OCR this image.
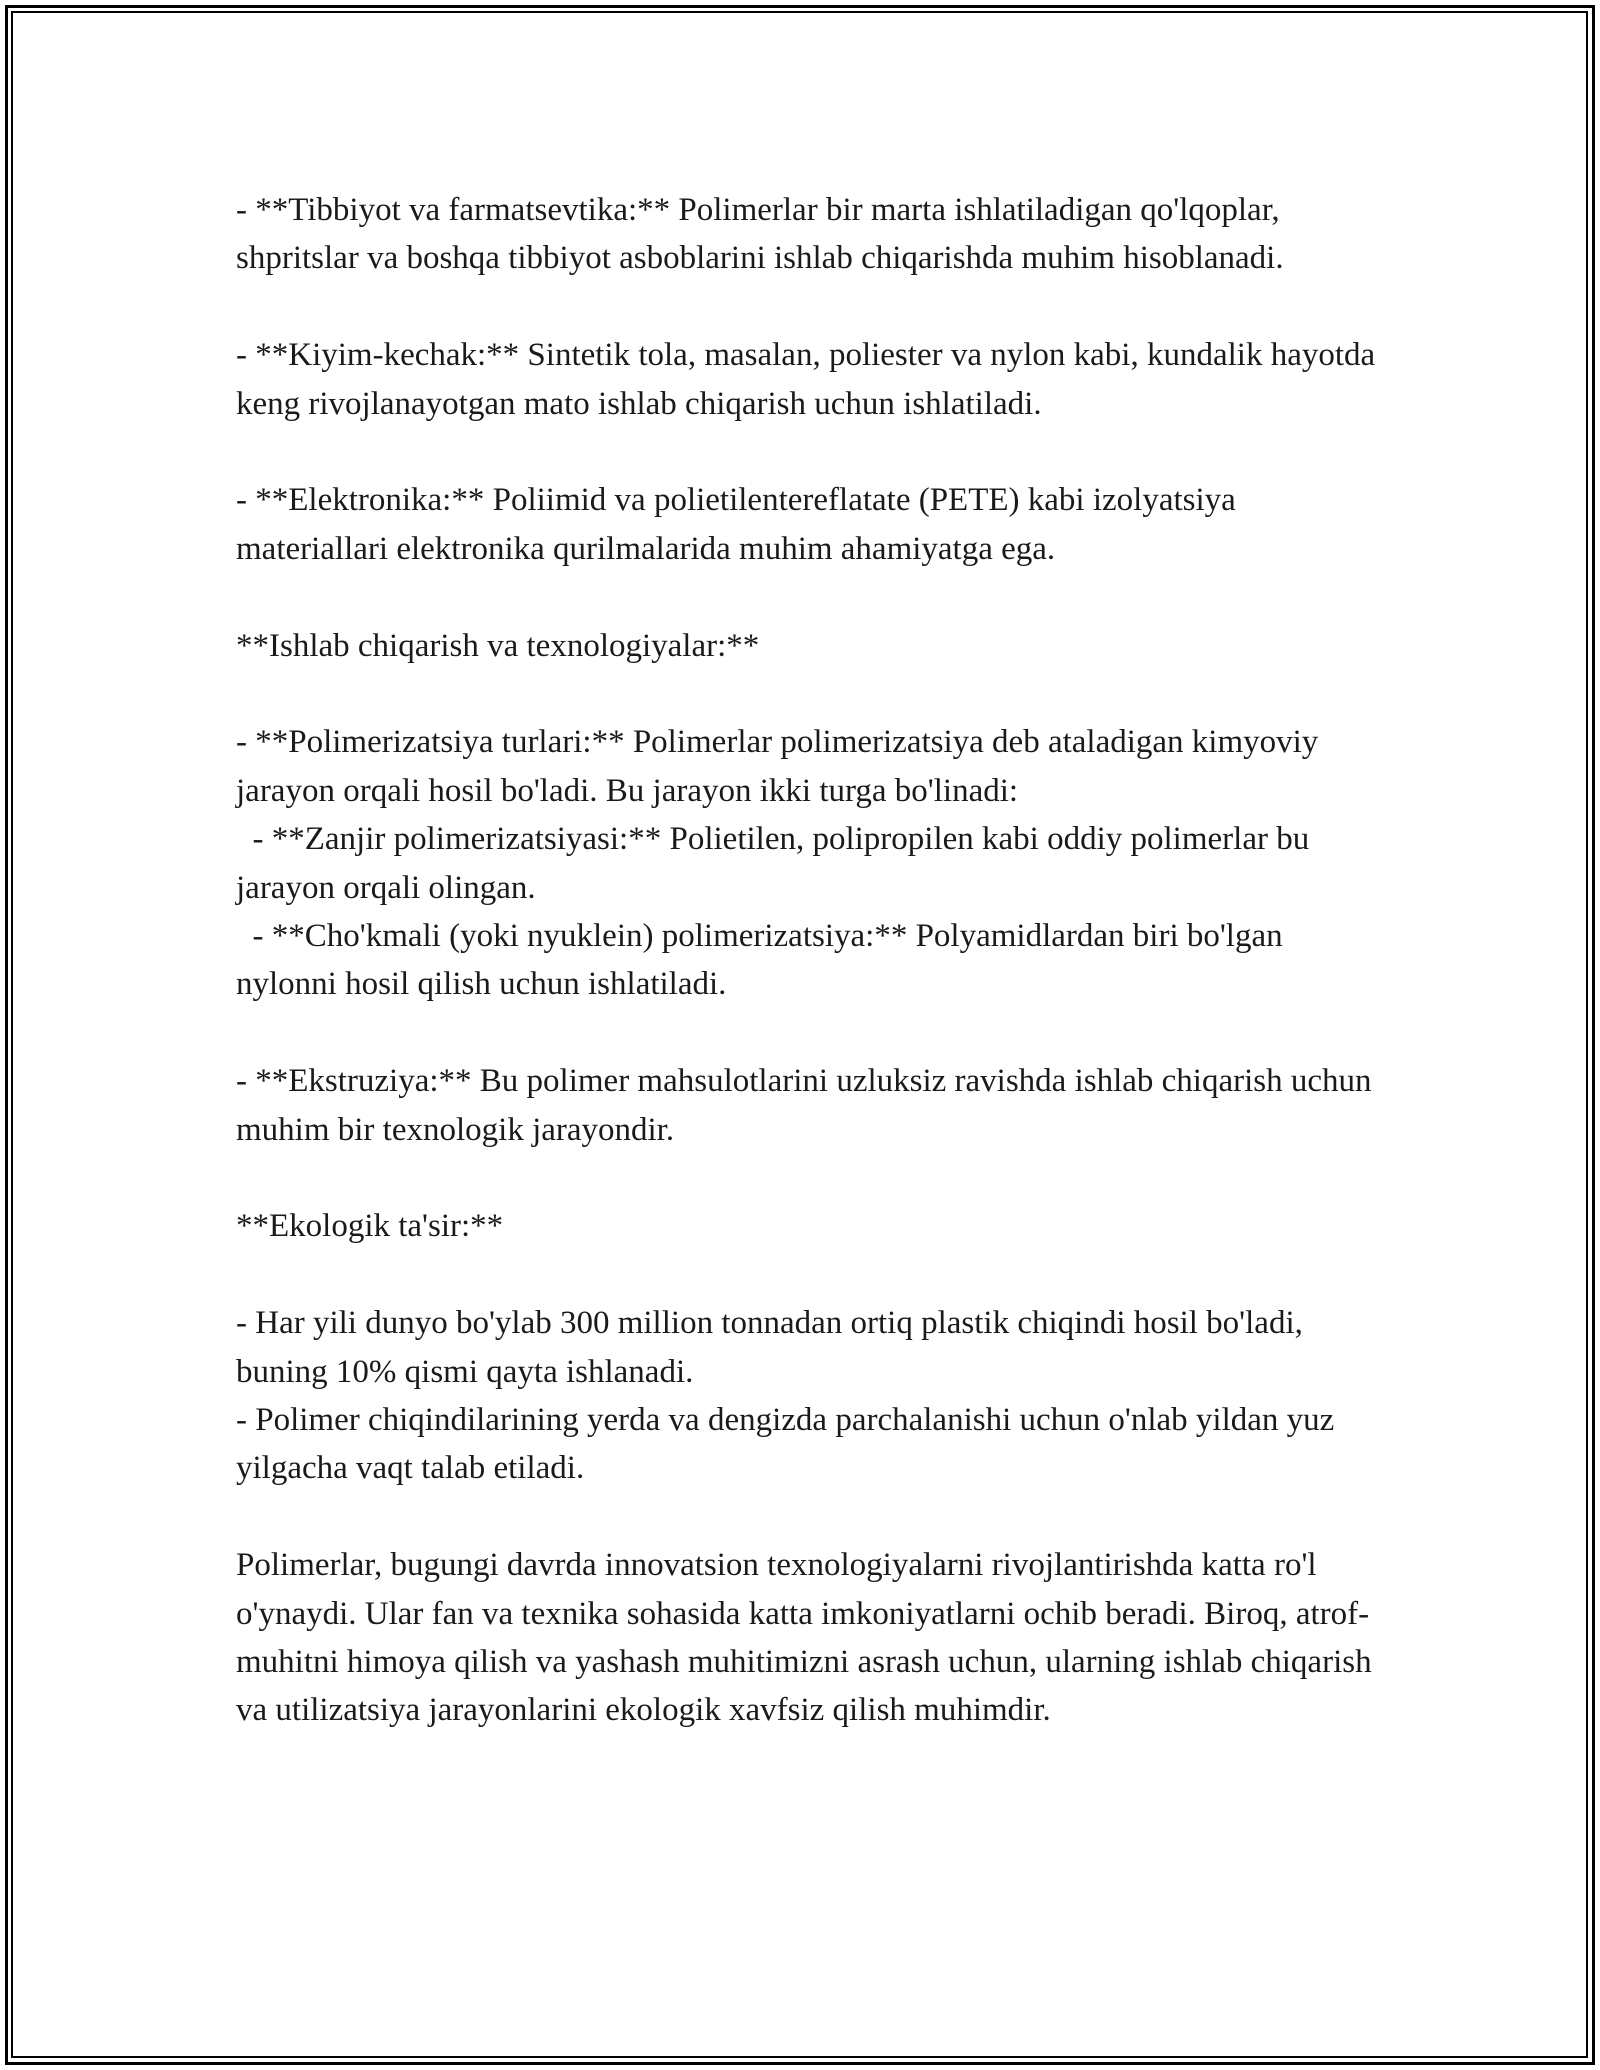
- **Tibbiyot va farmatsevtika:** Polimerlar bir marta ishlatiladigan qo'lqoplar, shpritslar va boshqa tibbiyot asboblarini ishlab chiqarishda muhim hisoblanadi.

- **Kiyim-kechak:** Sintetik tola, masalan, poliester va nylon kabi, kundalik hayotda keng rivojlanayotgan mato ishlab chiqarish uchun ishlatiladi.

- **Elektronika:** Poliimid va polietilentereflatate (PETE) kabi izolyatsiya materiallari elektronika qurilmalarida muhim ahamiyatga ega.

**Ishlab chiqarish va texnologiyalar:**

- **Polimerizatsiya turlari:** Polimerlar polimerizatsiya deb ataladigan kimyoviy jarayon orqali hosil bo'ladi. Bu jarayon ikki turga bo'linadi:

- **Zanjir polimerizatsiyasi:** Polietilen, polipropilen kabi oddiy polimerlar bu jarayon orqali olingan.

- **Cho'kmali (yoki nyuklein) polimerizatsiya:** Polyamidlardan biri bo'lgan nylonni hosil qilish uchun ishlatiladi.

- **Ekstruziya:** Bu polimer mahsulotlarini uzluksiz ravishda ishlab chiqarish uchun muhim bir texnologik jarayondir.

**Ekologik ta'sir:**

- Har yili dunyo bo'ylab 300 million tonnadan ortiq plastik chiqindi hosil bo'ladi, buning 10% qismi qayta ishlanadi.

- Polimer chiqindilarining yerda va dengizda parchalanishi uchun o'nlab yildan yuz yilgacha vaqt talab etiladi.

Polimerlar, bugungi davrda innovatsion texnologiyalarni rivojlantirishda katta ro'l o'ynaydi. Ular fan va texnika sohasida katta imkoniyatlarni ochib beradi. Biroq, atrof-muhitni himoya qilish va yashash muhitimizni asrash uchun, ularning ishlab chiqarish va utilizatsiya jarayonlarini ekologik xavfsiz qilish muhimdir.
